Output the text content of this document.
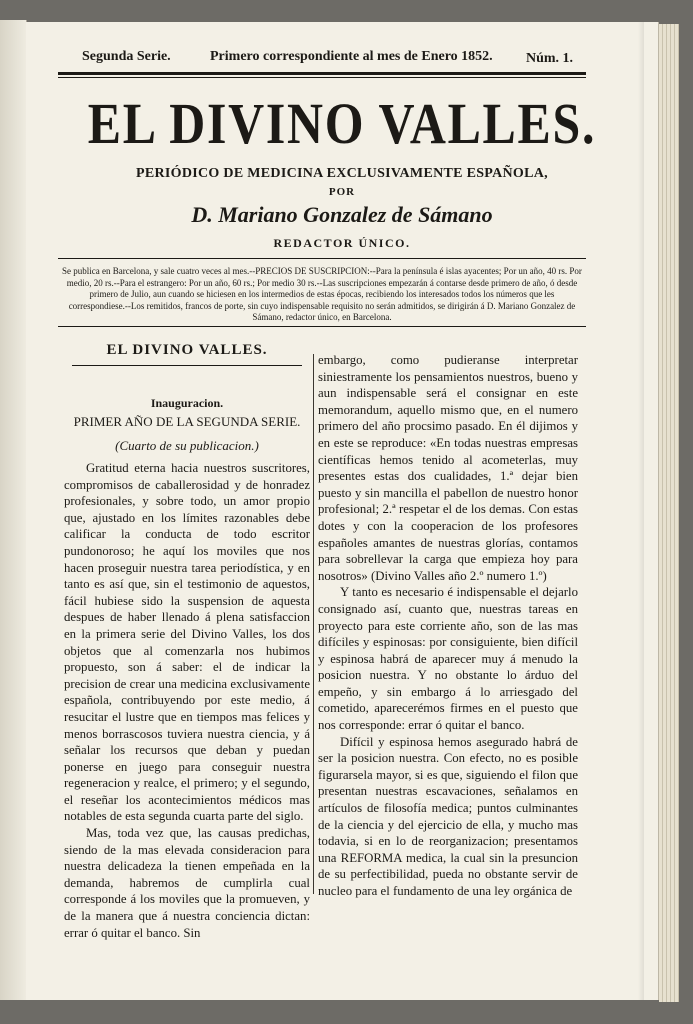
Segunda Serie.	Primero correspondiente al mes de Enero 1852. Núm. 1.

EL DIVINO VALLES.

PERIÓDICO DE MEDICINA EXCLUSIVAMENTE ESPAÑOLA,

POR

D. Mariano Gonzalez de Sámano

REDACTOR ÚNICO.

Se publica en Barcelona, y sale cuatro veces al mes.--PRECIOS DE SUSCRIPCION:--Para la península é islas ayacentes; Por un año, 40 rs. Por medio, 20 rs.--Para el estrangero: Por un año, 60 rs.; Por medio 30 rs.--Las suscripciones empezarán á contarse desde primero de año, ó desde primero de Julio, aun cuando se hiciesen en los intermedios de estas épocas, recibiendo los interesados todos los números que les correspondiese.--Los remitidos, francos de porte, sin cuyo indispensable requisito no serán admitidos, se dirigirán á D. Mariano Gonzalez de Sámano, redactor único, en Barcelona.

EL DIVINO VALLES.

Inauguracion.

PRIMER AÑO DE LA SEGUNDA SERIE.

(Cuarto de su publicacion.)

Gratitud eterna hacia nuestros suscritores, compromisos de caballerosidad y de honradez profesionales, y sobre todo, un amor propio que, ajustado en los límites razonables debe calificar la conducta de todo escritor pundonoroso; he aquí los moviles que nos hacen proseguir nuestra tarea periodística, y en tanto es así que, sin el testimonio de aquestos, fácil hubiese sido la suspension de aquesta despues de haber llenado á plena satisfaccion en la primera serie del Divino Valles, los dos objetos que al comenzarla nos hubimos propuesto, son á saber: el de indicar la precision de crear una medicina exclusivamente española, contribuyendo por este medio, á resucitar el lustre que en tiempos mas felices y menos borrascosos tuviera nuestra ciencia, y á señalar los recursos que deban y puedan ponerse en juego para conseguir nuestra regeneracion y realce, el primero; y el segundo, el reseñar los acontecimientos médicos mas notables de esta segunda cuarta parte del siglo.

Mas, toda vez que, las causas predichas, siendo de la mas elevada consideracion para nuestra delicadeza la tienen empeñada en la demanda, habremos de cumplirla cual corresponde á los moviles que la promueven, y de la manera que á nuestra conciencia dictan: errar ó quitar el banco. Sin

embargo, como pudieranse interpretar siniestramente los pensamientos nuestros, bueno y aun indispensable será el consignar en este memorandum, aquello mismo que, en el numero primero del año procsimo pasado. En él dijimos y en este se reproduce: «En todas nuestras empresas científicas hemos tenido al acometerlas, muy presentes estas dos cualidades, 1.ª dejar bien puesto y sin mancilla el pabellon de nuestro honor profesional; 2.ª respetar el de los demas. Con estas dotes y con la cooperacion de los profesores españoles amantes de nuestras glorías, contamos para sobrellevar la carga que empieza hoy para nosotros» (Divino Valles año 2.º numero 1.º)

Y tanto es necesario é indispensable el dejarlo consignado así, cuanto que, nuestras tareas en proyecto para este corriente año, son de las mas difíciles y espinosas: por consiguiente, bien difícil y espinosa habrá de aparecer muy á menudo la posicion nuestra. Y no obstante lo árduo del empeño, y sin embargo á lo arriesgado del cometido, aparecerémos firmes en el puesto que nos corresponde: errar ó quitar el banco.

Difícil y espinosa hemos asegurado habrá de ser la posicion nuestra. Con efecto, no es posible figurarsela mayor, si es que, siguiendo el filon que presentan nuestras escavaciones, señalamos en artículos de filosofía medica; puntos culminantes de la ciencia y del ejercicio de ella, y mucho mas todavia, si en lo de reorganizacion; presentamos una REFORMA medica, la cual sin la presuncion de su perfectibilidad, pueda no obstante servir de nucleo para el fundamento de una ley orgánica de
